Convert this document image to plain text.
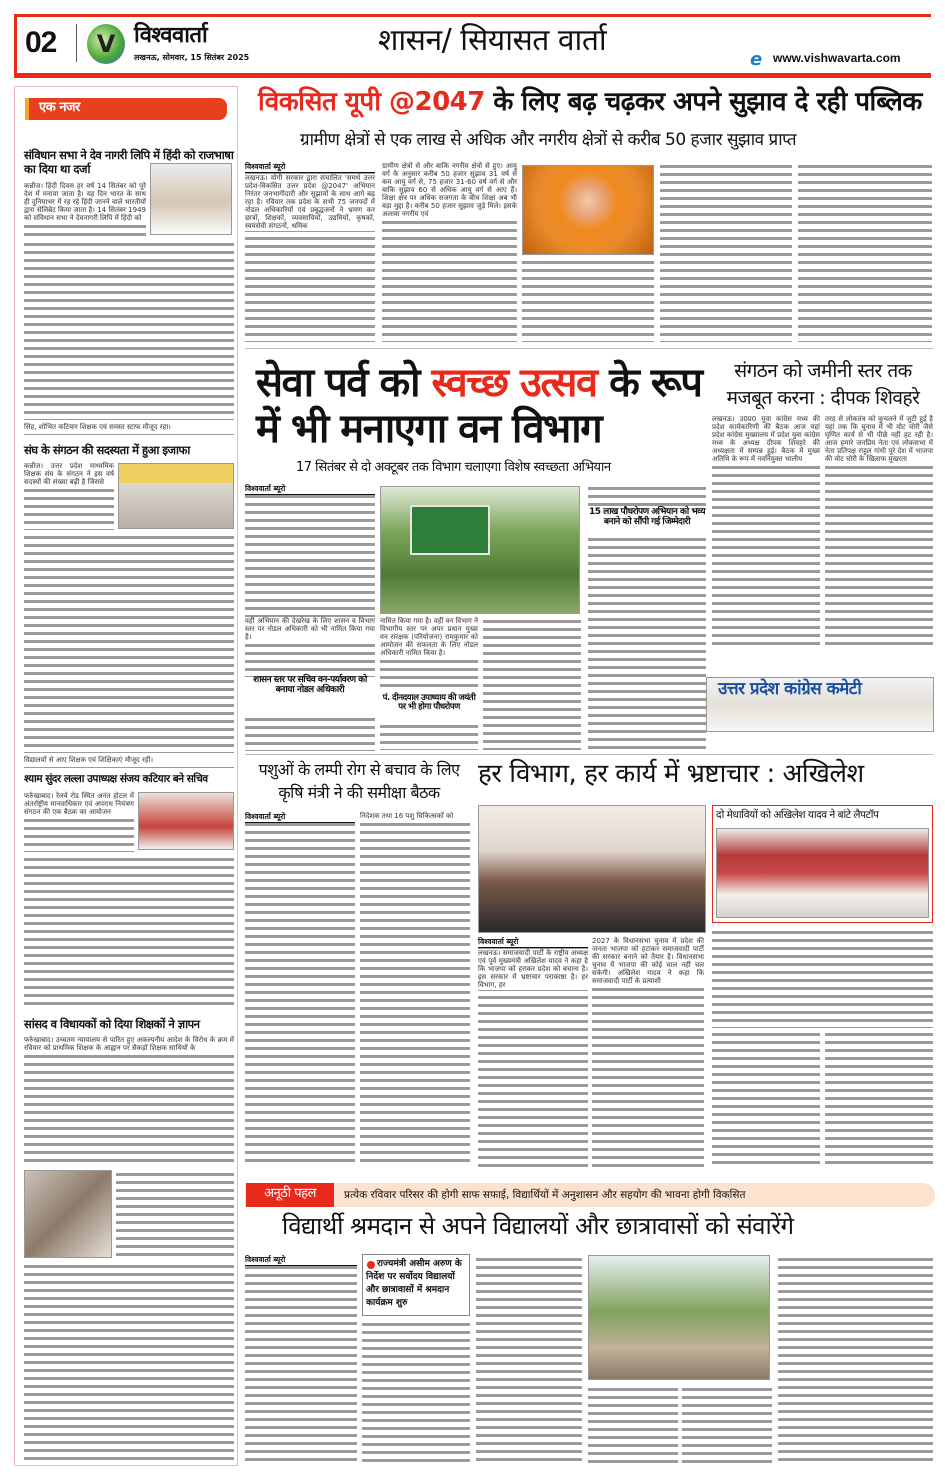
02	V विश्ववार्ता
लखनऊ, सोमवार, 15 सितंबर 2025	शासन/ सियासत वार्ता
e www.vishwavarta.com
एक नजर
संविधान सभा ने देव नागरी लिपि में हिंदी को राजभाषा का दिया था दर्जा
कन्नौज। हिंदी दिवस हर वर्ष 14 सितंबर को पूरे देश में मनाया जाता है। यह दिन भारत के साथ ही दुनियाभर में रह रहे हिंदी जानने वाले भारतीयों द्वारा सेलिब्रेट किया जाता है। 14 सितंबर 1949 को संविधान सभा ने देवनागरी लिपि में हिंदी को
सिंह, शोभित कटियार शिक्षक एवं समस्त स्टाफ मौजूद रहा।
संघ के संगठन की सदस्यता में हुआ इजाफा
कन्नौज। उत्तर प्रदेश माध्यमिक शिक्षक संघ के संगठन ने इस वर्ष सदस्यों की संख्या बढ़ी है जिससे
विद्यालयों से आए शिक्षक एवं शिक्षिकाएं मौजूद रहीं।
श्याम सुंदर लल्ला उपाध्यक्ष संजय कटियार बने सचिव
फर्रुखाबाद। रेलवे रोड स्थित अनंत होटल में अंतर्राष्ट्रीय मानवाधिकार एवं अपराध नियंत्रण संगठन की एक बैठक का आयोजन
सांसद व विधायकों को दिया शिक्षकों ने ज्ञापन
फर्रुखाबाद। उच्चतम न्यायालय से पारित हुए अकल्पनीय आदेश के विरोध के क्रम में रविवार को प्राथमिक शिक्षक के आह्वान पर सैकड़ों शिक्षक साथियों के
विकसित यूपी @2047 के लिए बढ़ चढ़कर अपने सुझाव दे रही पब्लिक
ग्रामीण क्षेत्रों से एक लाख से अधिक और नगरीय क्षेत्रों से करीब 50 हजार सुझाव प्राप्त
विश्ववार्ता ब्यूरो
लखनऊ। योगी सरकार द्वारा संचालित 'समर्थ उत्तर प्रदेश-विकसित उत्तर प्रदेश @2047' अभियान निरंतर जनभागीदारी और सुझावों के साथ आगे बढ़ रहा है। रविवार तक प्रदेश के सभी 75 जनपदों में नोडल अधिकारियों एवं प्रबुद्धजनों ने भ्रमण कर छात्रों, शिक्षकों, व्यवसायियों, उद्यमियों, कृषकों, स्वयंसेवी संगठनों, श्रमिक
ग्रामीण क्षेत्रों से और बाकि नगरीय क्षेत्रों से हुए। आयु वर्ग के अनुसार करीब 50 हजार सुझाव 31 वर्ष से कम आयु वर्ग से, 75 हजार 31-60 वर्ष वर्ग से और बाकि सुझाव 60 से अधिक आयु वर्ग से आए हैं। शिक्षा क्षेत्र पर अधिक सजगता के बीच शिक्षा अब भी बड़ा मुद्दा है। करीब 50 हजार सुझाव जुड़े मिले। इसके अलावा नगरीय एवं
सेवा पर्व को स्वच्छ उत्सव के रूप में भी मनाएगा वन विभाग
17 सितंबर से दो अक्टूबर तक विभाग चलाएगा विशेष स्वच्छता अभियान
विश्ववार्ता ब्यूरो
15 लाख पौधरोपण अभियान को भव्य बनाने को सौंपी गई जिम्मेदारी
वहीं अभियान की देखरेख के लिए शासन व विभाग स्तर पर नोडल अधिकारी को भी नामित किया गया है।
शासन स्तर पर सचिव वन-पर्यावरण को बनाया नोडल अधिकारी
नामित किया गया है। वहीं वन विभाग ने विभागीय स्तर पर अपर प्रधान मुख्य वन संरक्षक (परियोजना) रामकुमार को आयोजन की सफलता के लिए नोडल अधिकारी नामित किया है।
पं. दीनदयाल उपाध्याय की जयंती पर भी होगा पौधरोपण
संगठन को जमीनी स्तर तक मजबूत करना : दीपक शिवहरे
लखनऊ। उ0प्र0 युवा कांग्रेस मध्य की प्रदेश कार्यकारिणी की बैठक आज यहां प्रदेश कांग्रेस मुख्यालय में प्रदेश युवा कांग्रेस मध्य के अध्यक्ष दीपक शिवहरे की अध्यक्षता में सम्पन्न हुई। बैठक में मुख्य अतिथि के रूप में नवनियुक्त भालीय
तरह से लोकतंत्र को कुचलने में जुटी हुई है यहां तक कि चुनाव में भी वोट चोरी जैसे घृणित कार्य से भी पीछे नहीं हट रही है। आज हमारे जनप्रिय नेता एवं लोकसभा में नेता प्रतिपक्ष राहुल गांधी पूरे देश में भाजपा की वोट चोरी के खिलाफ मुखरता
उत्तर प्रदेश कांग्रेस कमेटी
पशुओं के लम्पी रोग से बचाव के लिए कृषि मंत्री ने की समीक्षा बैठक
विश्ववार्ता ब्यूरो	निदेशक तथा 16 पशु चिकित्सकों को
हर विभाग, हर कार्य में भ्रष्टाचार : अखिलेश
दो मेधावियों को अखिलेश यादव ने बांटे लैपटॉप
विश्ववार्ता ब्यूरो
लखनऊ। समाजवादी पार्टी के राष्ट्रीय अध्यक्ष एवं पूर्व मुख्यमंत्री अखिलेश यादव ने कहा है कि भाजपा को हराकर प्रदेश को बचाना है। इस सरकार में भ्रष्टाचार पराकाष्ठा है। हर विभाग, हर
2027 के विधानसभा चुनाव में प्रदेश की जनता भाजपा को हटाकर समाजवादी पार्टी की सरकार बनाने को तैयार है। विधानसभा चुनाव में भाजपा की कोई चाल नहीं चल सकेगी। अखिलेश यादव ने कहा कि समाजवादी पार्टी के प्रत्याशी
अनूठी पहल	प्रत्येक रविवार परिसर की होगी साफ सफाई, विद्यार्थियों में अनुशासन और सहयोग की भावना होगी विकसित
विद्यार्थी श्रमदान से अपने विद्यालयों और छात्रावासों को संवारेंगे
विश्ववार्ता ब्यूरो	राज्यमंत्री असीम अरुण के निर्देश पर सर्वोदय विद्यालयों और छात्रावासों में श्रमदान कार्यक्रम शुरु
